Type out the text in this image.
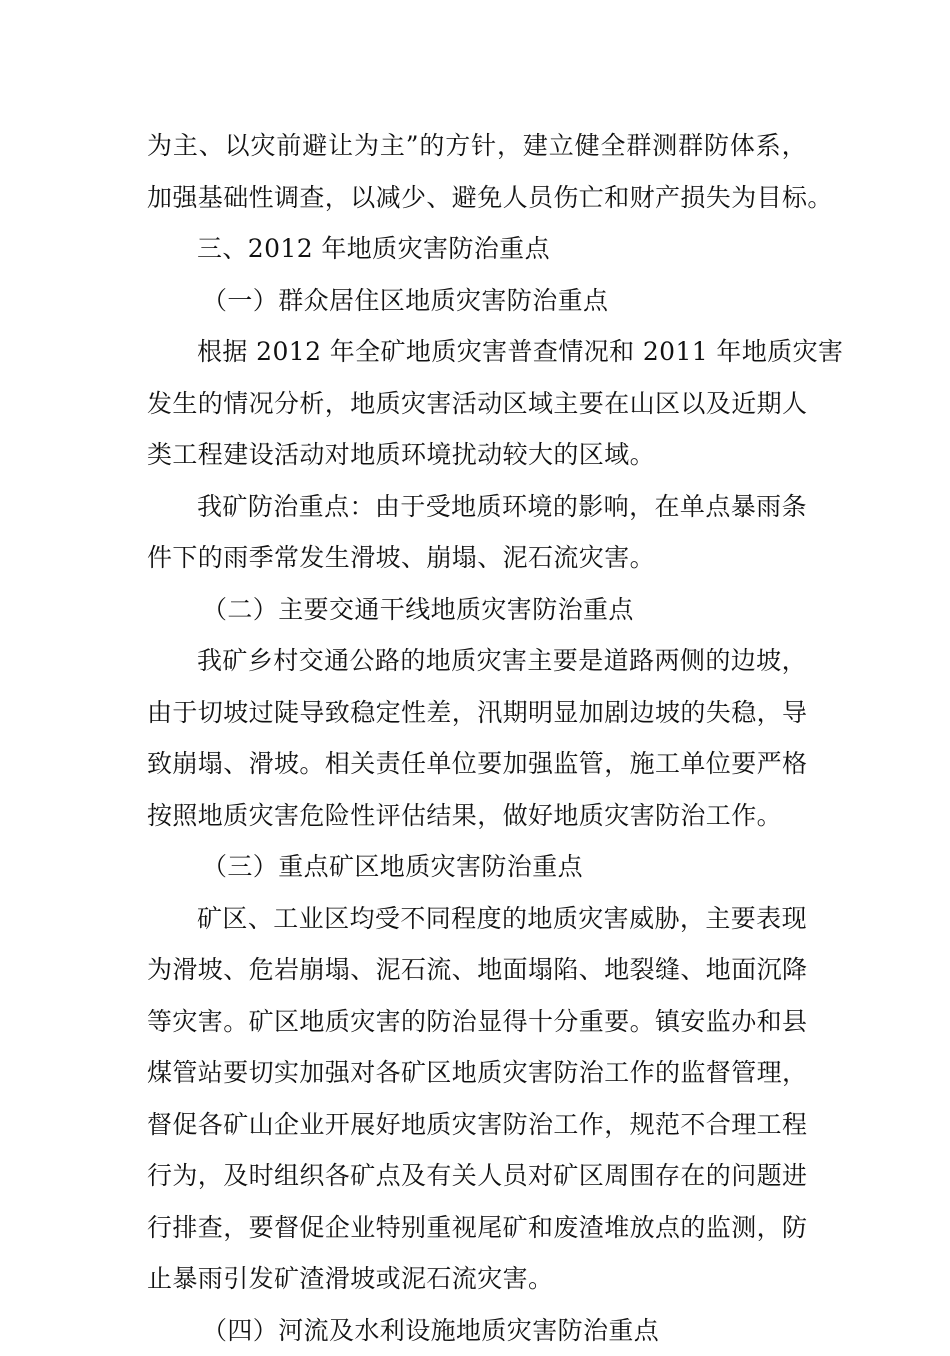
为主、以灾前避让为主”的方针，建立健全群测群防体系，
加强基础性调查，以减少、避免人员伤亡和财产损失为目标。
三、2012 年地质灾害防治重点
（一）群众居住区地质灾害防治重点
根据 2012 年全矿地质灾害普查情况和 2011 年地质灾害
发生的情况分析，地质灾害活动区域主要在山区以及近期人
类工程建设活动对地质环境扰动较大的区域。
我矿防治重点：由于受地质环境的影响，在单点暴雨条
件下的雨季常发生滑坡、崩塌、泥石流灾害。
（二）主要交通干线地质灾害防治重点
我矿乡村交通公路的地质灾害主要是道路两侧的边坡，
由于切坡过陡导致稳定性差，汛期明显加剧边坡的失稳，导
致崩塌、滑坡。相关责任单位要加强监管，施工单位要严格
按照地质灾害危险性评估结果，做好地质灾害防治工作。
（三）重点矿区地质灾害防治重点
矿区、工业区均受不同程度的地质灾害威胁，主要表现
为滑坡、危岩崩塌、泥石流、地面塌陷、地裂缝、地面沉降
等灾害。矿区地质灾害的防治显得十分重要。镇安监办和县
煤管站要切实加强对各矿区地质灾害防治工作的监督管理，
督促各矿山企业开展好地质灾害防治工作，规范不合理工程
行为，及时组织各矿点及有关人员对矿区周围存在的问题进
行排查，要督促企业特别重视尾矿和废渣堆放点的监测，防
止暴雨引发矿渣滑坡或泥石流灾害。
（四）河流及水利设施地质灾害防治重点
